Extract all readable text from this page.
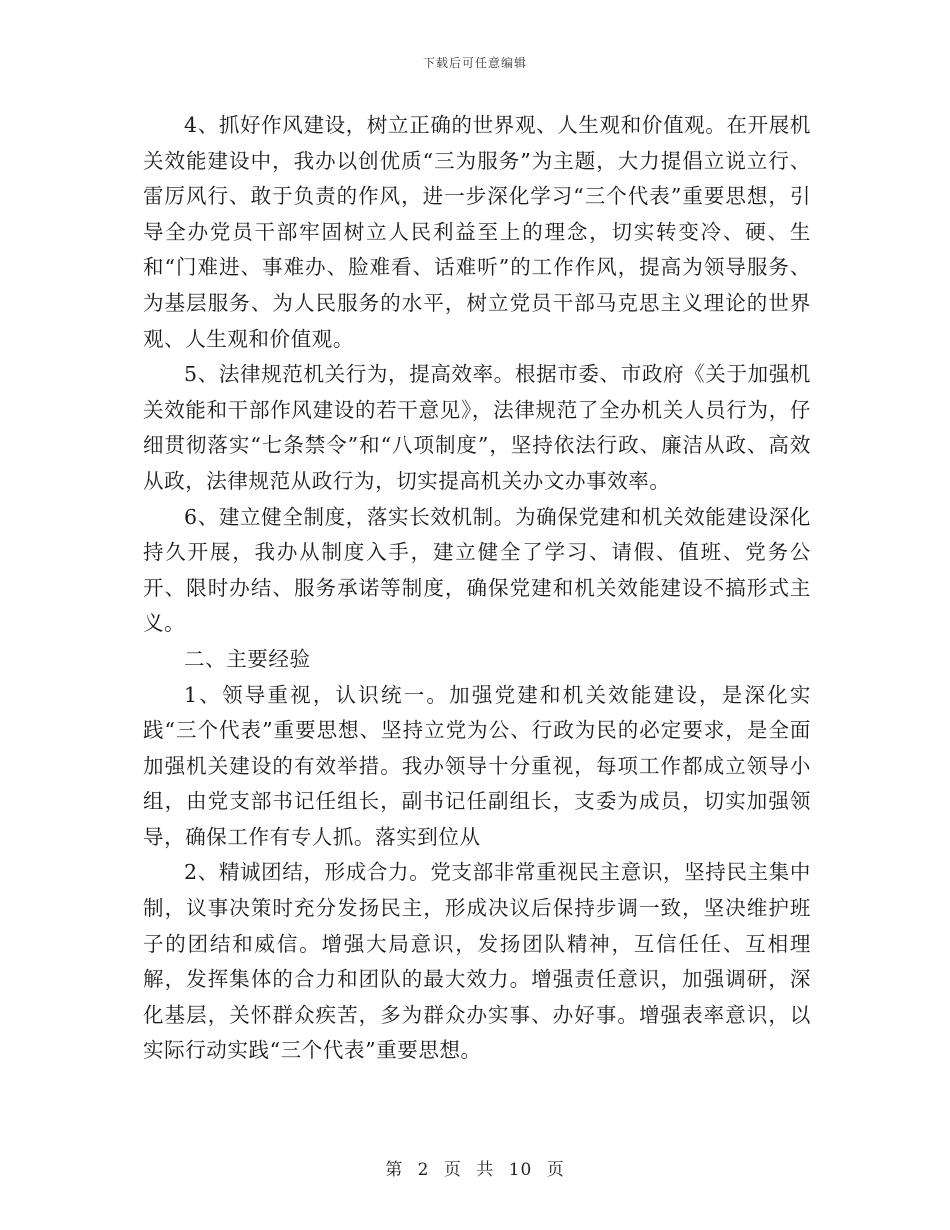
下载后可任意编辑

4、抓好作风建设，树立正确的世界观、人生观和价值观。在开展机关效能建设中，我办以创优质“三为服务”为主题，大力提倡立说立行、雷厉风行、敢于负责的作风，进一步深化学习“三个代表”重要思想，引导全办党员干部牢固树立人民利益至上的理念，切实转变冷、硬、生和“门难进、事难办、脸难看、话难听”的工作作风，提高为领导服务、为基层服务、为人民服务的水平，树立党员干部马克思主义理论的世界观、人生观和价值观。

5、法律规范机关行为，提高效率。根据市委、市政府《关于加强机关效能和干部作风建设的若干意见》，法律规范了全办机关人员行为，仔细贯彻落实“七条禁令”和“八项制度”，坚持依法行政、廉洁从政、高效从政，法律规范从政行为，切实提高机关办文办事效率。

6、建立健全制度，落实长效机制。为确保党建和机关效能建设深化持久开展，我办从制度入手，建立健全了学习、请假、值班、党务公开、限时办结、服务承诺等制度，确保党建和机关效能建设不搞形式主义。

二、主要经验

1、领导重视，认识统一。加强党建和机关效能建设，是深化实践“三个代表”重要思想、坚持立党为公、行政为民的必定要求，是全面加强机关建设的有效举措。我办领导十分重视，每项工作都成立领导小组，由党支部书记任组长，副书记任副组长，支委为成员，切实加强领导，确保工作有专人抓。落实到位从

2、精诚团结，形成合力。党支部非常重视民主意识，坚持民主集中制，议事决策时充分发扬民主，形成决议后保持步调一致，坚决维护班子的团结和威信。增强大局意识，发扬团队精神，互信任任、互相理解，发挥集体的合力和团队的最大效力。增强责任意识，加强调研，深化基层，关怀群众疾苦，多为群众办实事、办好事。增强表率意识，以实际行动实践“三个代表”重要思想。

第 2 页 共 10 页
